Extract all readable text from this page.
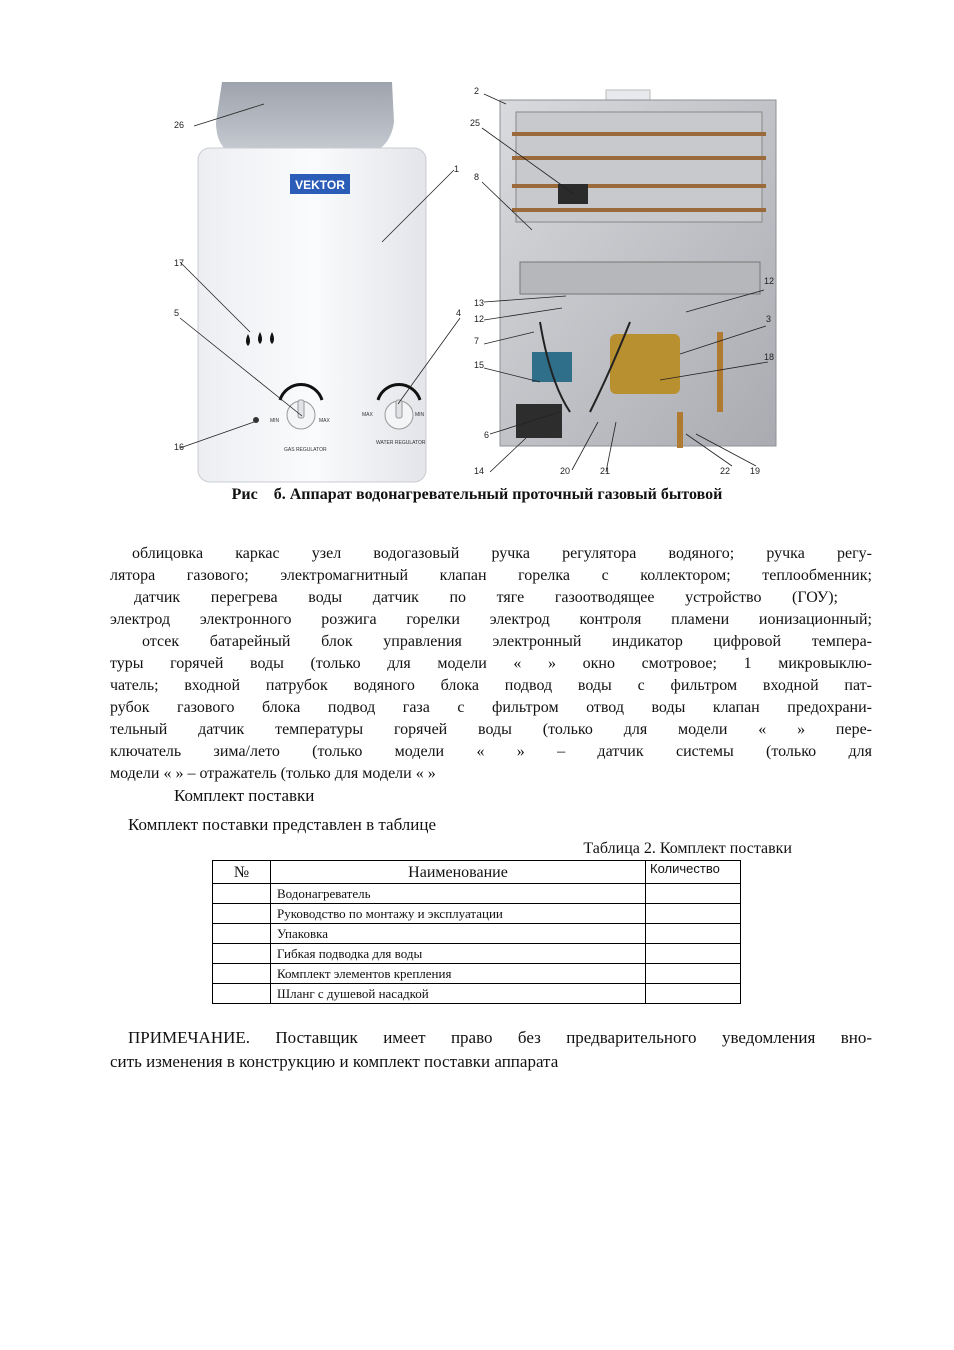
VEKTOR
MIN	MAX
GAS REGULATOR
MAX	MIN
WATER REGULATOR
26
1
17
5	4
16
2
25
8
13
12
12
7
3
15
18
6
14	20	21	22 19
Рис б. Аппарат водонагревательный проточный газовый бытовой
облицовка каркас узел водогазовый ручка регулятора водяного; ручка регу-
лятора газового; электромагнитный клапан горелка с коллектором; теплообменник;
датчик перегрева воды датчик по тяге газоотводящее устройство (ГОУ);
электрод электронного розжига горелки электрод контроля пламени ионизационный;
отсек батарейный блок управления электронный индикатор цифровой темпера-
туры горячей воды (только для модели « » окно смотровое; 1 микровыклю-
чатель; входной патрубок водяного блока подвод воды с фильтром входной пат-
рубок газового блока подвод газа с фильтром отвод воды клапан предохрани-
тельный датчик температуры горячей воды (только для модели « » пере-
ключатель зима/лето (только модели « » – датчик системы (только для
модели « » – отражатель (только для модели « »
Комплект поставки
Комплект поставки представлен в таблице
Таблица 2. Комплект поставки
№	Наименование	Количество
	Водонагреватель	
	Руководство по монтажу и эксплуатации	
	Упаковка	
	Гибкая подводка для воды	
	Комплект элементов крепления	
	Шланг с душевой насадкой	
ПРИМЕЧАНИЕ. Поставщик имеет право без предварительного уведомления вно-
сить изменения в конструкцию и комплект поставки аппарата
